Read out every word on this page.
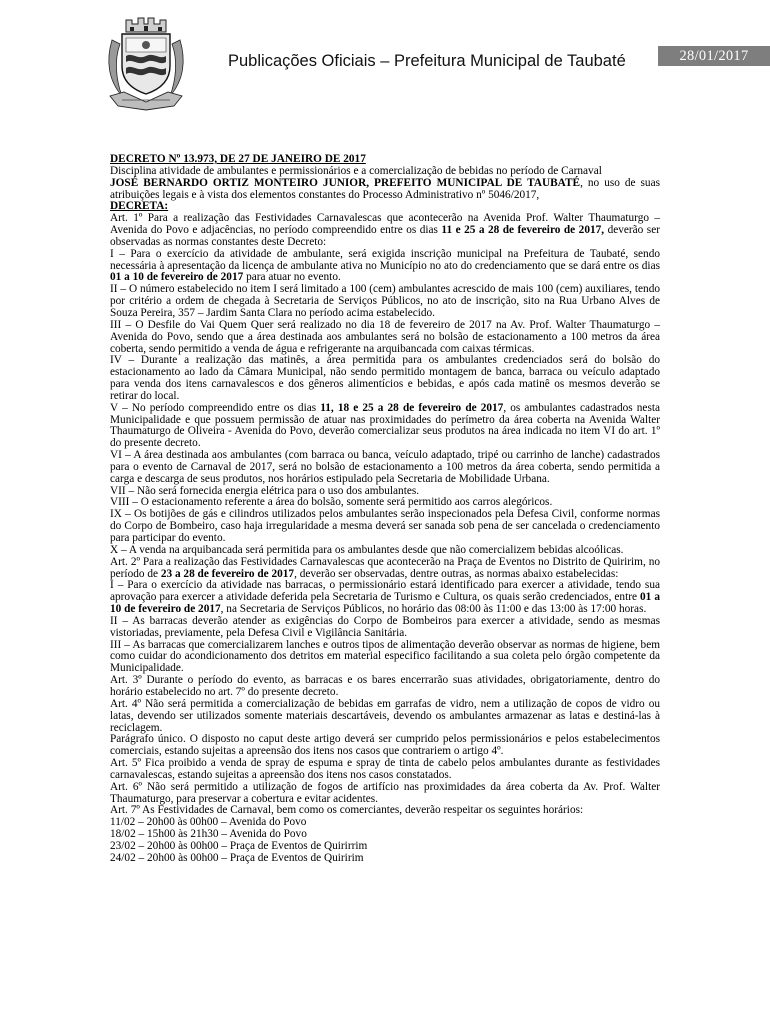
Publicações Oficiais – Prefeitura Municipal de Taubaté	28/01/2017

DECRETO Nº 13.973, DE 27 DE JANEIRO DE 2017

Disciplina atividade de ambulantes e permissionários e a comercialização de bebidas no período de Carnaval

JOSÉ BERNARDO ORTIZ MONTEIRO JUNIOR, PREFEITO MUNICIPAL DE TAUBATÉ, no uso de suas atribuições legais e à vista dos elementos constantes do Processo Administrativo nº 5046/2017,

DECRETA:

Art. 1º Para a realização das Festividades Carnavalescas que acontecerão na Avenida Prof. Walter Thaumaturgo – Avenida do Povo e adjacências, no período compreendido entre os dias 11 e 25 a 28 de fevereiro de 2017, deverão ser observadas as normas constantes deste Decreto:

I – Para o exercício da atividade de ambulante, será exigida inscrição municipal na Prefeitura de Taubaté, sendo necessária à apresentação da licença de ambulante ativa no Município no ato do credenciamento que se dará entre os dias 01 a 10 de fevereiro de 2017 para atuar no evento.

II – O número estabelecido no item I será limitado a 100 (cem) ambulantes acrescido de mais 100 (cem) auxiliares, tendo por critério a ordem de chegada à Secretaria de Serviços Públicos, no ato de inscrição, sito na Rua Urbano Alves de Souza Pereira, 357 – Jardim Santa Clara no período acima estabelecido.

III – O Desfile do Vai Quem Quer será realizado no dia 18 de fevereiro de 2017 na Av. Prof. Walter Thaumaturgo – Avenida do Povo, sendo que a área destinada aos ambulantes será no bolsão de estacionamento a 100 metros da área coberta, sendo permitido a venda de água e refrigerante na arquibancada com caixas térmicas.

IV – Durante a realização das matinês, a área permitida para os ambulantes credenciados será do bolsão do estacionamento ao lado da Câmara Municipal, não sendo permitido montagem de banca, barraca ou veículo adaptado para venda dos itens carnavalescos e dos gêneros alimentícios e bebidas, e após cada matinê os mesmos deverão se retirar do local.

V – No período compreendido entre os dias 11, 18 e 25 a 28 de fevereiro de 2017, os ambulantes cadastrados nesta Municipalidade e que possuem permissão de atuar nas proximidades do perímetro da área coberta na Avenida Walter Thaumaturgo de Oliveira - Avenida do Povo, deverão comercializar seus produtos na área indicada no item VI do art. 1º do presente decreto.

VI – A área destinada aos ambulantes (com barraca ou banca, veículo adaptado, tripé ou carrinho de lanche) cadastrados para o evento de Carnaval de 2017, será no bolsão de estacionamento a 100 metros da área coberta, sendo permitida a carga e descarga de seus produtos, nos horários estipulado pela Secretaria de Mobilidade Urbana.

VII – Não será fornecida energia elétrica para o uso dos ambulantes.

VIII – O estacionamento referente a área do bolsão, somente será permitido aos carros alegóricos.

IX – Os botijões de gás e cilindros utilizados pelos ambulantes serão inspecionados pela Defesa Civil, conforme normas do Corpo de Bombeiro, caso haja irregularidade a mesma deverá ser sanada sob pena de ser cancelada o credenciamento para participar do evento.

X – A venda na arquibancada será permitida para os ambulantes desde que não comercializem bebidas alcoólicas.

Art. 2º Para a realização das Festividades Carnavalescas que acontecerão na Praça de Eventos no Distrito de Quiririm, no período de 23 a 28 de fevereiro de 2017, deverão ser observadas, dentre outras, as normas abaixo estabelecidas:

I – Para o exercício da atividade nas barracas, o permissionário estará identificado para exercer a atividade, tendo sua aprovação para exercer a atividade deferida pela Secretaria de Turismo e Cultura, os quais serão credenciados, entre 01 a 10 de fevereiro de 2017, na Secretaria de Serviços Públicos, no horário das 08:00 às 11:00 e das 13:00 às 17:00 horas.

II – As barracas deverão atender as exigências do Corpo de Bombeiros para exercer a atividade, sendo as mesmas vistoriadas, previamente, pela Defesa Civil e Vigilância Sanitária.

III – As barracas que comercializarem lanches e outros tipos de alimentação deverão observar as normas de higiene, bem como cuidar do acondicionamento dos detritos em material especifico facilitando a sua coleta pelo órgão competente da Municipalidade.

Art. 3º Durante o período do evento, as barracas e os bares encerrarão suas atividades, obrigatoriamente, dentro do horário estabelecido no art. 7º do presente decreto.

Art. 4º Não será permitida a comercialização de bebidas em garrafas de vidro, nem a utilização de copos de vidro ou latas, devendo ser utilizados somente materiais descartáveis, devendo os ambulantes armazenar as latas e destiná-las à reciclagem.

Parágrafo único. O disposto no caput deste artigo deverá ser cumprido pelos permissionários e pelos estabelecimentos comerciais, estando sujeitas a apreensão dos itens nos casos que contrariem o artigo 4º.

Art. 5º Fica proibido a venda de spray de espuma e spray de tinta de cabelo pelos ambulantes durante as festividades carnavalescas, estando sujeitas a apreensão dos itens nos casos constatados.

Art. 6º Não será permitido a utilização de fogos de artifício nas proximidades da área coberta da Av. Prof. Walter Thaumaturgo, para preservar a cobertura e evitar acidentes.

Art. 7º As Festividades de Carnaval, bem como os comerciantes, deverão respeitar os seguintes horários:

11/02 – 20h00 às 00h00 – Avenida do Povo

18/02 – 15h00 às 21h30 – Avenida do Povo

23/02 – 20h00 às 00h00 – Praça de Eventos de Quirirrim

24/02 – 20h00 às 00h00 – Praça de Eventos de Quiririm
